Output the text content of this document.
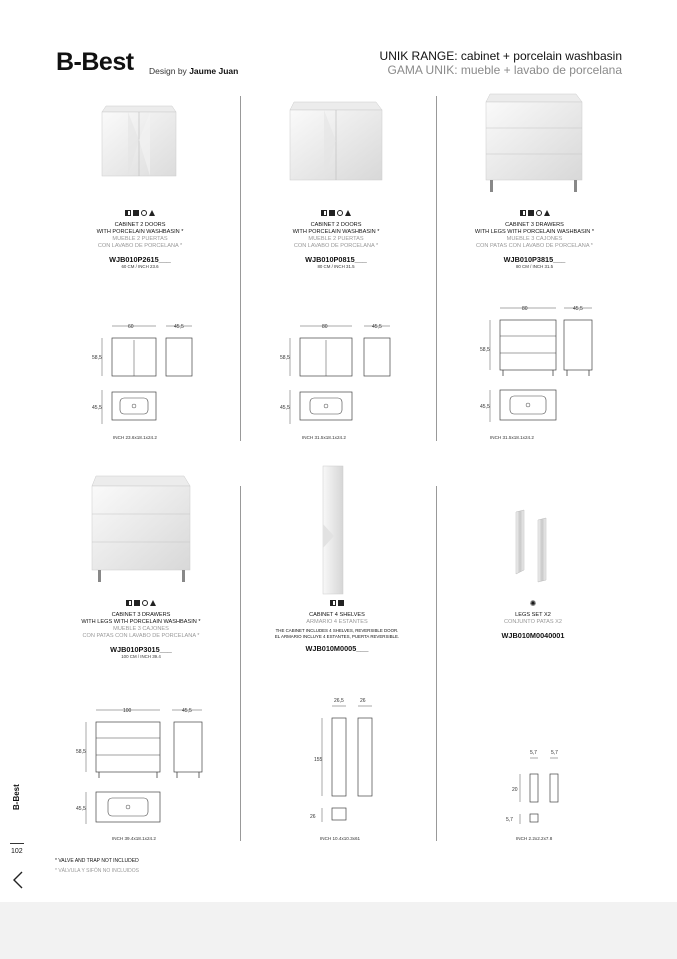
B-Best Design by Jaume Juan
UNIK RANGE: cabinet + porcelain washbasin
GAMA UNIK: mueble + lavabo de porcelana
CABINET 2 DOORS
WITH PORCELAIN WASHBASIN *
MUEBLE 2 PUERTAS
CON LAVABO DE PORCELANA *
WJB010P2615___
60 CM / INCH 23.6
60	45,5
58,5
45,5
INCH 23.6x18.1x24.2
CABINET 2 DOORS
WITH PORCELAIN WASHBASIN *
MUEBLE 2 PUERTAS
CON LAVABO DE PORCELANA *
WJB010P0815___
80 CM / INCH 31.5
80	45,5
58,5
45,5
INCH 31.5x18.1x24.2
CABINET 3 DRAWERS
WITH LEGS WITH PORCELAIN WASHBASIN *
MUEBLE 3 CAJONES
CON PATAS CON LAVABO DE PORCELANA *
WJB010P3815___
80 CM / INCH 31.5
80	45,5
58,5
45,5
INCH 31.5x18.1x24.2
CABINET 3 DRAWERS
WITH LEGS WITH PORCELAIN WASHBASIN *
MUEBLE 3 CAJONES
CON PATAS CON LAVABO DE PORCELANA *
WJB010P3015___
100 CM / INCH 39.4
100	45,5
58,5
45,5
INCH 39.4x18.1x24.2
CABINET 4 SHELVES
ARMARIO 4 ESTANTES
THE CABINET INCLUDES 4 SHELVES, REVERSIBLE DOOR.
EL ARMARIO INCLUYE 4 ESTANTES, PUERTA REVERSIBLE.
WJB010M0005___
26,5	26
155
26
INCH 10.4x10.3x61
✺
LEGS SET X2
CONJUNTO PATAS X2
WJB010M0040001
5,7	5,7
20
5,7
INCH 2.2x2.2x7.8
B-Best
102
* VALVE AND TRAP NOT INCLUDED
* VÁLVULA Y SIFÓN NO INCLUIDOS
